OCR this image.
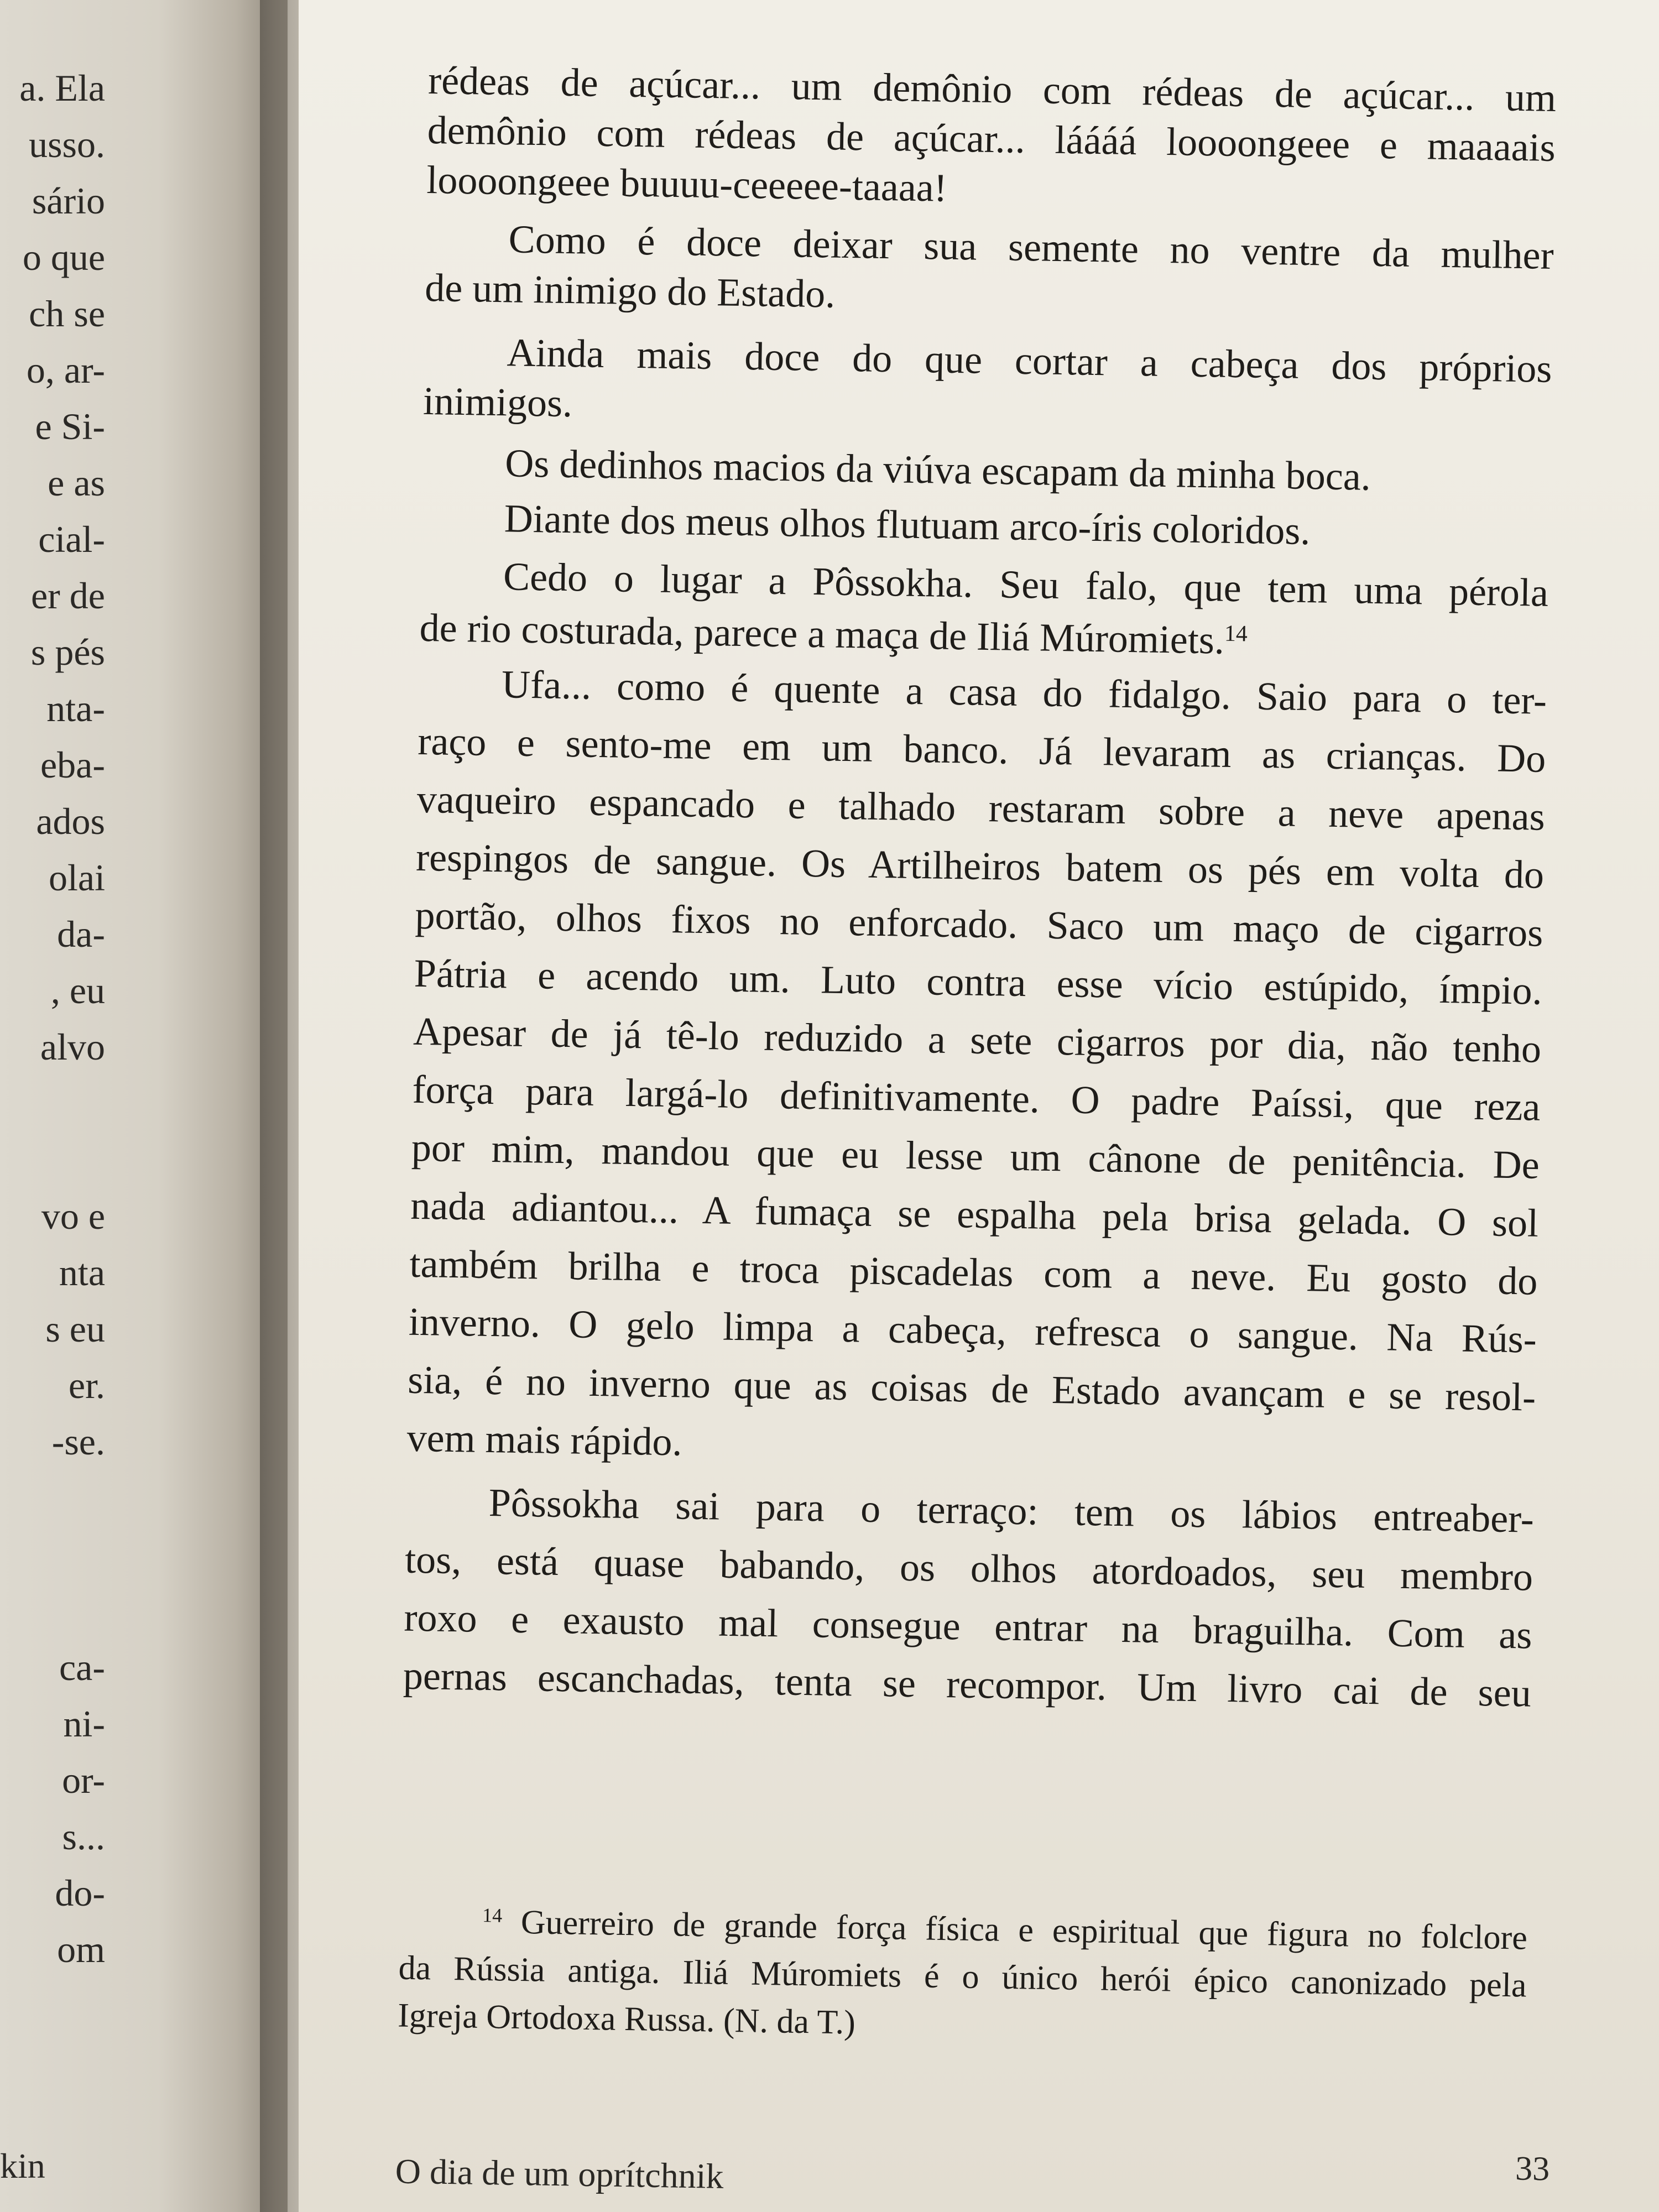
a. Ela
usso.
sário
o que
ch se
o, ar-
e Si-
e as
cial-
er de
s pés
nta-
eba-
ados
olai
da-
, eu
alvo
vo e
nta
s eu
er.
-se.
ca-
ni-
or-
s...
do-
om
kin
rédeas de açúcar... um demônio com rédeas de açúcar... um
demônio com rédeas de açúcar... láááá loooongeee e maaaais
loooongeee buuuu-ceeeee-taaaa!
Como é doce deixar sua semente no ventre da mulher
de um inimigo do Estado.
Ainda mais doce do que cortar a cabeça dos próprios
inimigos.
Os dedinhos macios da viúva escapam da minha boca.
Diante dos meus olhos flutuam arco-íris coloridos.
Cedo o lugar a Pôssokha. Seu falo, que tem uma pérola
de rio costurada, parece a maça de Iliá Múromiets.$^{14}$
Ufa... como é quente a casa do fidalgo. Saio para o ter-
raço e sento-me em um banco. Já levaram as crianças. Do
vaqueiro espancado e talhado restaram sobre a neve apenas
respingos de sangue. Os Artilheiros batem os pés em volta do
portão, olhos fixos no enforcado. Saco um maço de cigarros
Pátria e acendo um. Luto contra esse vício estúpido, ímpio.
Apesar de já tê-lo reduzido a sete cigarros por dia, não tenho
força para largá-lo definitivamente. O padre Paíssi, que reza
por mim, mandou que eu lesse um cânone de penitência. De
nada adiantou... A fumaça se espalha pela brisa gelada. O sol
também brilha e troca piscadelas com a neve. Eu gosto do
inverno. O gelo limpa a cabeça, refresca o sangue. Na Rús-
sia, é no inverno que as coisas de Estado avançam e se resol-
vem mais rápido.
Pôssokha sai para o terraço: tem os lábios entreaber-
tos, está quase babando, os olhos atordoados, seu membro
roxo e exausto mal consegue entrar na braguilha. Com as
pernas escanchadas, tenta se recompor. Um livro cai de seu
$^{14}$ Guerreiro de grande força física e espiritual que figura no folclore
da Rússia antiga. Iliá Múromiets é o único herói épico canonizado pela
Igreja Ortodoxa Russa. (N. da T.)
O dia de um oprítchnik	33
